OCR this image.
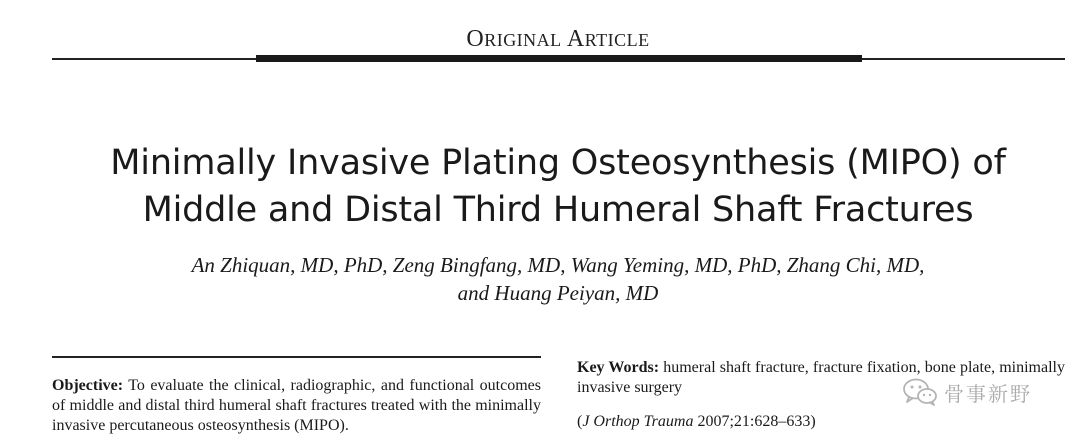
ORIGINAL ARTICLE
Minimally Invasive Plating Osteosynthesis (MIPO) of
Middle and Distal Third Humeral Shaft Fractures
An Zhiquan, MD, PhD, Zeng Bingfang, MD, Wang Yeming, MD, PhD, Zhang Chi, MD,
and Huang Peiyan, MD
Objective: To evaluate the clinical, radiographic, and functional outcomes of middle and distal third humeral shaft fractures treated with the minimally invasive percutaneous osteosynthesis (MIPO).
Key Words: humeral shaft fracture, fracture fixation, bone plate, minimally invasive surgery
(J Orthop Trauma 2007;21:628–633)
骨事新野
